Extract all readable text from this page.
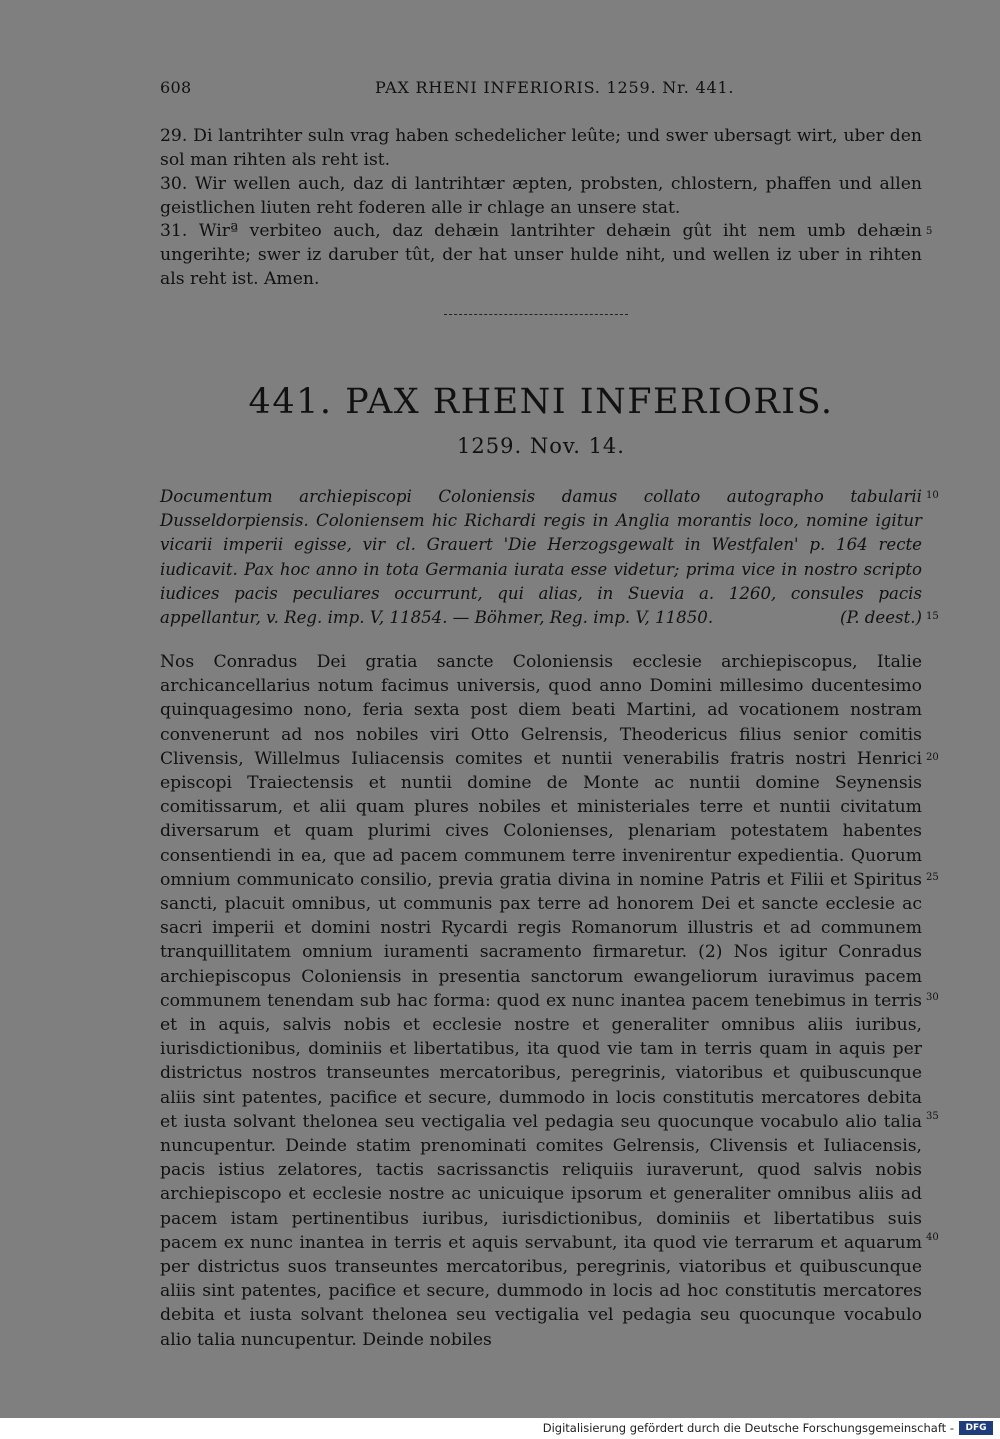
608	PAX RHENI INFERIORIS. 1259. Nr. 441.

29. Di lantrihter suln vrag haben schedelicher leûte; und swer ubersagt wirt, uber den sol man rihten als reht ist.

30. Wir wellen auch, daz di lantrihtær æpten, probsten, chlostern, phaffen und allen geistlichen liuten reht foderen alle ir chlage an unsere stat.

31. Wirª verbiteo auch, daz dehæin lantrihter dehæin gût iht nem umb dehæin ungerihte; swer iz daruber tût, der hat unser hulde niht, und wellen iz uber in rihten als reht ist. Amen.

441. PAX RHENI INFERIORIS.
1259. Nov. 14.

Documentum archiepiscopi Coloniensis damus collato autographo tabularii Dusseldorpiensis. Coloniensem hic Richardi regis in Anglia morantis loco, nomine igitur vicarii imperii egisse, vir cl. Grauert 'Die Herzogsgewalt in Westfalen' p. 164 recte iudicavit. Pax hoc anno in tota Germania iurata esse videtur; prima vice in nostro scripto iudices pacis peculiares occurrunt, qui alias, in Suevia a. 1260, consules pacis appellantur, v. Reg. imp. V, 11854. — Böhmer, Reg. imp. V, 11850.	(P. deest.)

Nos Conradus Dei gratia sancte Coloniensis ecclesie archiepiscopus, Italie archicancellarius notum facimus universis, quod anno Domini millesimo ducentesimo quinquagesimo nono, feria sexta post diem beati Martini, ad vocationem nostram convenerunt ad nos nobiles viri Otto Gelrensis, Theodericus filius senior comitis Clivensis, Willelmus Iuliacensis comites et nuntii venerabilis fratris nostri Henrici episcopi Traiectensis et nuntii domine de Monte ac nuntii domine Seynensis comitissarum, et alii quam plures nobiles et ministeriales terre et nuntii civitatum diversarum et quam plurimi cives Colonienses, plenariam potestatem habentes consentiendi in ea, que ad pacem communem terre invenirentur expedientia. Quorum omnium communicato consilio, previa gratia divina in nomine Patris et Filii et Spiritus sancti, placuit omnibus, ut communis pax terre ad honorem Dei et sancte ecclesie ac sacri imperii et domini nostri Rycardi regis Romanorum illustris et ad communem tranquillitatem omnium iuramenti sacramento firmaretur. (2) Nos igitur Conradus archiepiscopus Coloniensis in presentia sanctorum ewangeliorum iuravimus pacem communem tenendam sub hac forma: quod ex nunc inantea pacem tenebimus in terris et in aquis, salvis nobis et ecclesie nostre et generaliter omnibus aliis iuribus, iurisdictionibus, dominiis et libertatibus, ita quod vie tam in terris quam in aquis per districtus nostros transeuntes mercatoribus, peregrinis, viatoribus et quibuscunque aliis sint patentes, pacifice et secure, dummodo in locis constitutis mercatores debita et iusta solvant thelonea seu vectigalia vel pedagia seu quocunque vocabulo alio talia nuncupentur. Deinde statim prenominati comites Gelrensis, Clivensis et Iuliacensis, pacis istius zelatores, tactis sacrissanctis reliquiis iuraverunt, quod salvis nobis archiepiscopo et ecclesie nostre ac unicuique ipsorum et generaliter omnibus aliis ad pacem istam pertinentibus iuribus, iurisdictionibus, dominiis et libertatibus suis pacem ex nunc inantea in terris et aquis servabunt, ita quod vie terrarum et aquarum per districtus suos transeuntes mercatoribus, peregrinis, viatoribus et quibuscunque aliis sint patentes, pacifice et secure, dummodo in locis ad hoc constitutis mercatores debita et iusta solvant thelonea seu vectigalia vel pedagia seu quocunque vocabulo alio talia nuncupentur. Deinde nobiles

5
10
15
20
25
30
35
40
Digitalisierung gefördert durch die Deutsche Forschungsgemeinschaft -	DFG
